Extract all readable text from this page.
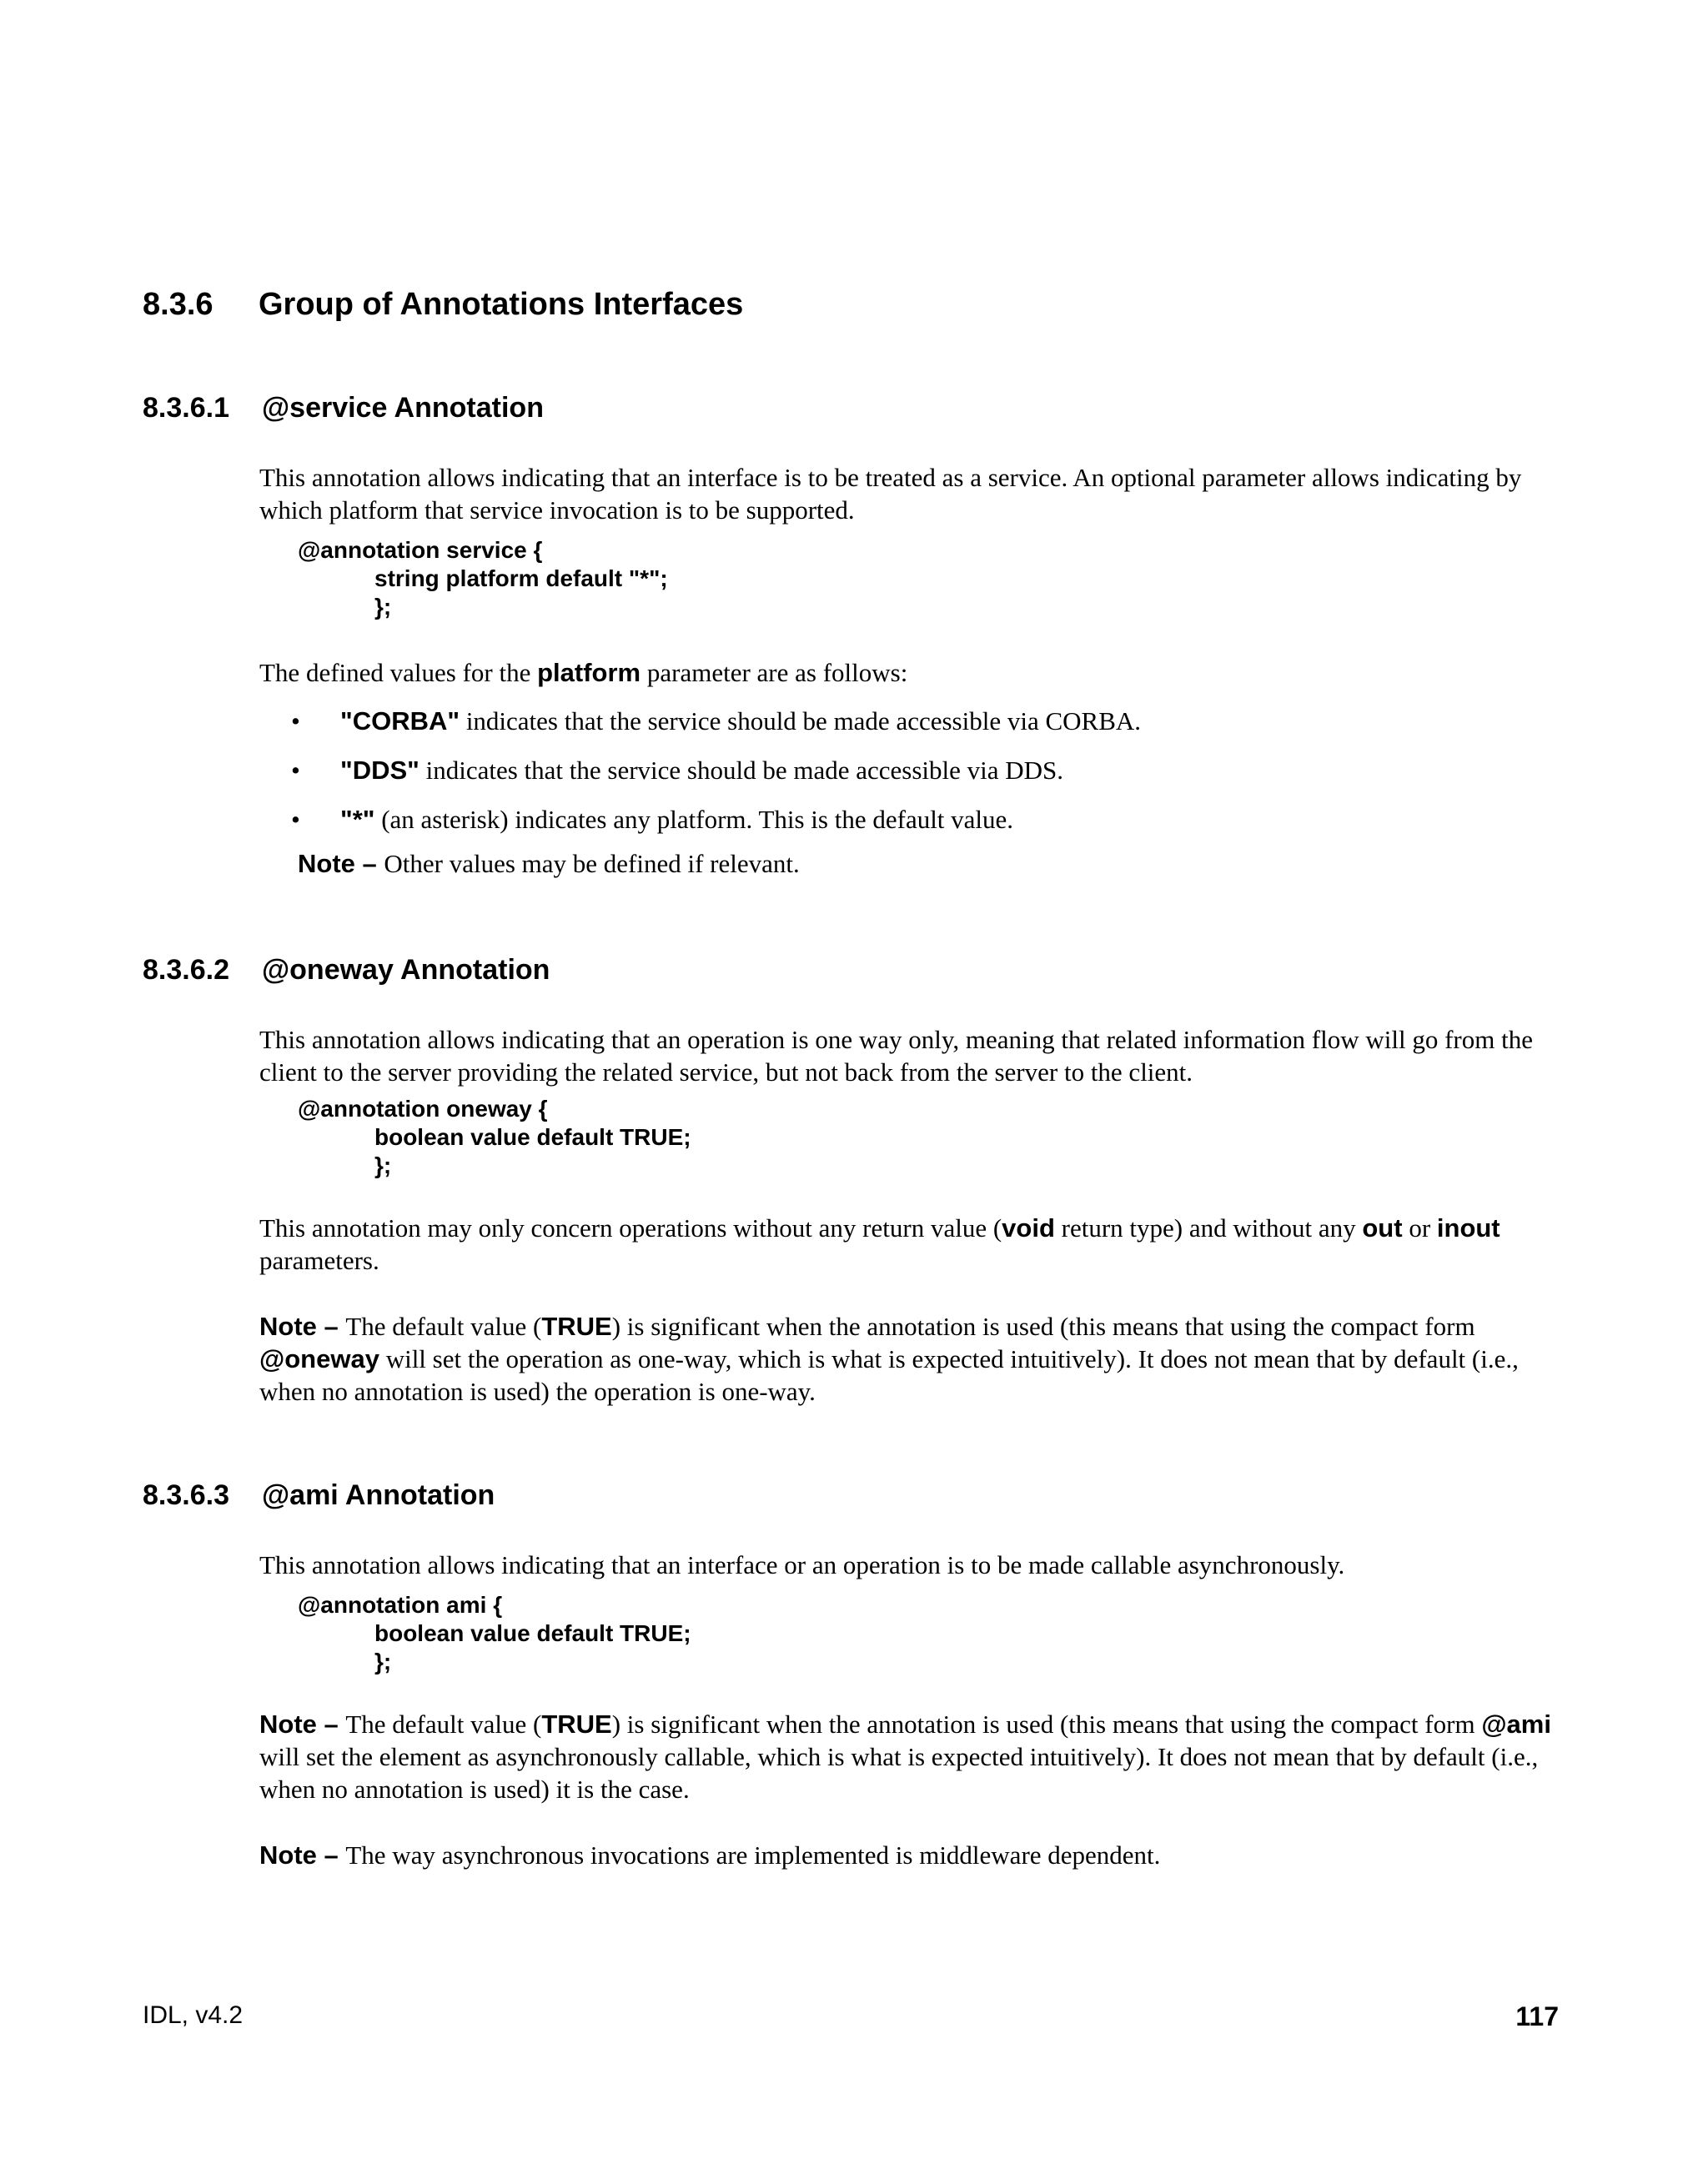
8.3.6 Group of Annotations Interfaces
8.3.6.1 @service Annotation

This annotation allows indicating that an interface is to be treated as a service. An optional parameter allows indicating by which platform that service invocation is to be supported.

@annotation service {
string platform default "*";
};

The defined values for the platform parameter are as follows:

• "CORBA" indicates that the service should be made accessible via CORBA.
• "DDS" indicates that the service should be made accessible via DDS.
• "*" (an asterisk) indicates any platform. This is the default value.

Note – Other values may be defined if relevant.

8.3.6.2 @oneway Annotation

This annotation allows indicating that an operation is one way only, meaning that related information flow will go from the client to the server providing the related service, but not back from the server to the client.

@annotation oneway {
boolean value default TRUE;
};

This annotation may only concern operations without any return value (void return type) and without any out or inout parameters.

Note – The default value (TRUE) is significant when the annotation is used (this means that using the compact form @oneway will set the operation as one-way, which is what is expected intuitively). It does not mean that by default (i.e., when no annotation is used) the operation is one-way.

8.3.6.3 @ami Annotation

This annotation allows indicating that an interface or an operation is to be made callable asynchronously.

@annotation ami {
boolean value default TRUE;
};

Note – The default value (TRUE) is significant when the annotation is used (this means that using the compact form @ami will set the element as asynchronously callable, which is what is expected intuitively). It does not mean that by default (i.e., when no annotation is used) it is the case.

Note – The way asynchronous invocations are implemented is middleware dependent.

IDL, v4.2	117
